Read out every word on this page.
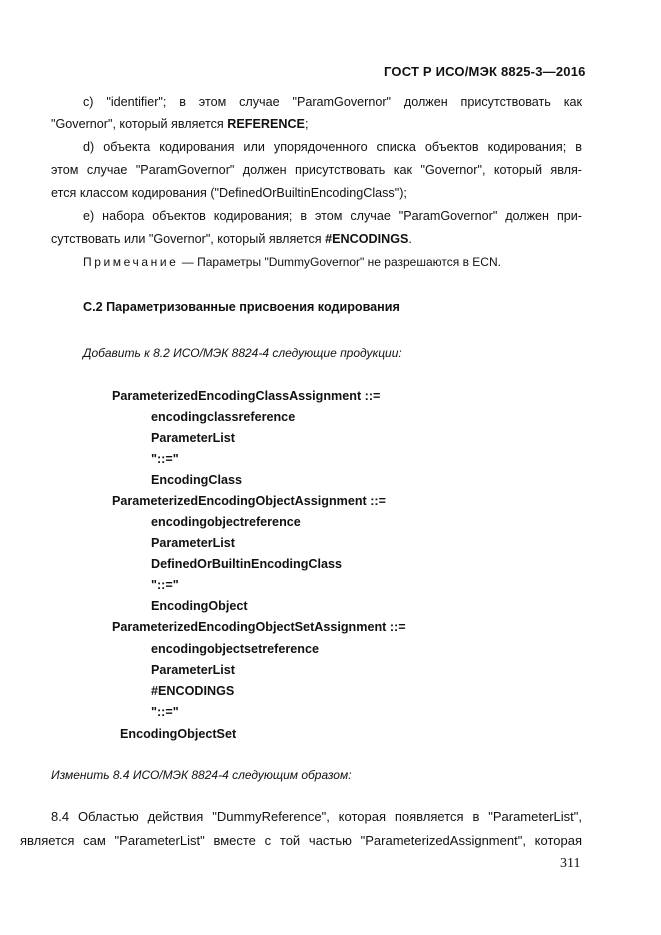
ГОСТ Р ИСО/МЭК 8825-3—2016
c) "identifier"; в этом случае "ParamGovernor" должен присутствовать как
"Governor", который является REFERENCE;
d) объекта кодирования или упорядоченного списка объектов кодирования; в
этом случае "ParamGovernor" должен присутствовать как "Governor", который явля-
ется классом кодирования ("DefinedOrBuiltinEncodingClass");
e) набора объектов кодирования; в этом случае "ParamGovernor" должен при-
сутствовать или "Governor", который является #ENCODINGS.
Примечание — Параметры "DummyGovernor" не разрешаются в ECN.
С.2 Параметризованные присвоения кодирования
Добавить к 8.2 ИСО/МЭК 8824-4 следующие продукции:
ParameterizedEncodingClassAssignment ::=
encodingclassreference
ParameterList
"::="
EncodingClass
ParameterizedEncodingObjectAssignment ::=
encodingobjectreference
ParameterList
DefinedOrBuiltinEncodingClass
"::="
EncodingObject
ParameterizedEncodingObjectSetAssignment ::=
encodingobjectsetreference
ParameterList
#ENCODINGS
"::="
EncodingObjectSet
Изменить 8.4 ИСО/МЭК 8824-4 следующим образом:
8.4 Областью действия "DummyReference", которая появляется в "ParameterList",
является сам "ParameterList" вместе с той частью "ParameterizedAssignment", которая
311
